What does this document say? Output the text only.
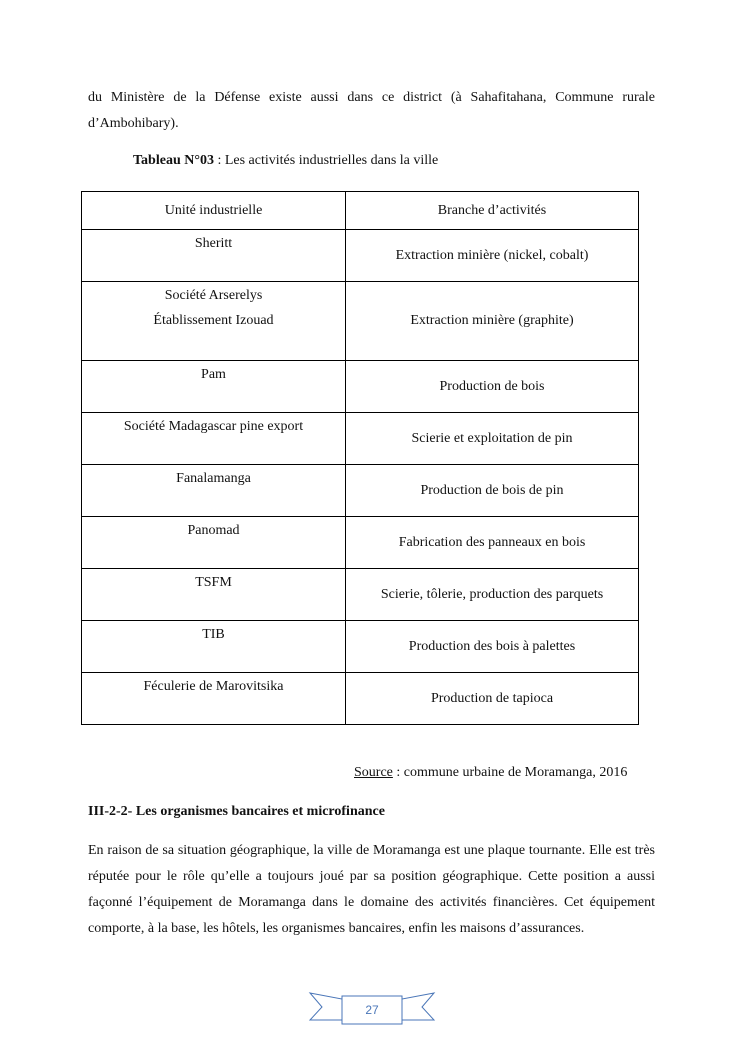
du Ministère de la Défense existe aussi dans ce district (à Sahafitahana, Commune rurale d’Ambohibary).

Tableau N°03 : Les activités industrielles dans la ville
Unité industrielle	Branche d’activités

Sheritt	Extraction minière (nickel, cobalt)

Société Arserelys
Établissement Izouad	Extraction minière (graphite)

Pam	Production de bois

Société Madagascar pine export	Scierie et exploitation de pin

Fanalamanga	Production de bois de pin

Panomad	Fabrication des panneaux en bois

TSFM	Scierie, tôlerie, production des parquets

TIB	Production des bois à palettes

Féculerie de Marovitsika	Production de tapioca
Source : commune urbaine de Moramanga, 2016
III-2-2- Les organismes bancaires et microfinance

En raison de sa situation géographique, la ville de Moramanga est une plaque tournante. Elle est très réputée pour le rôle qu’elle a toujours joué par sa position géographique. Cette position a aussi façonné l’équipement de Moramanga dans le domaine des activités financières. Cet équipement comporte, à la base, les hôtels, les organismes bancaires, enfin les maisons d’assurances.

27
